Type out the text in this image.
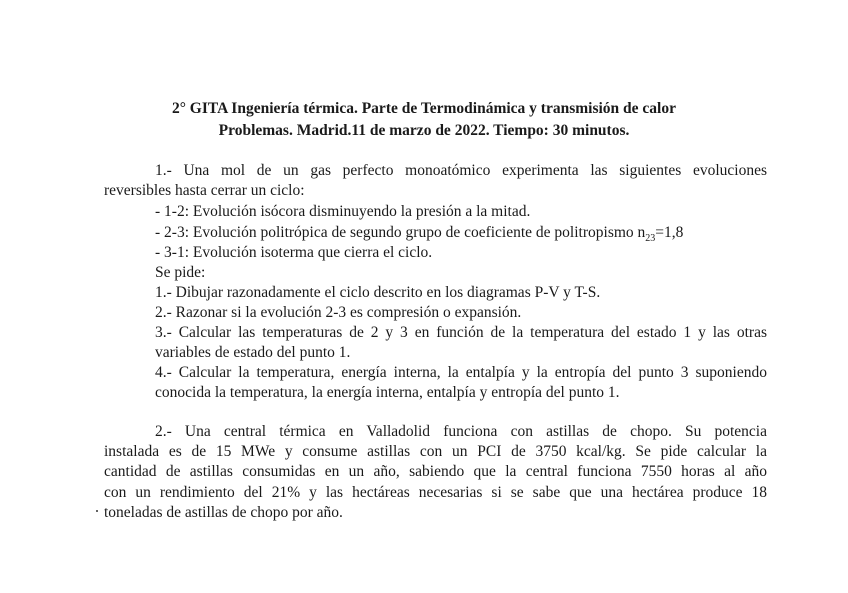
2° GITA Ingeniería térmica. Parte de Termodinámica y transmisión de calor
Problemas. Madrid.11 de marzo de 2022. Tiempo: 30 minutos.
1.- Una mol de un gas perfecto monoatómico experimenta las siguientes evoluciones
reversibles hasta cerrar un ciclo:
- 1-2: Evolución isócora disminuyendo la presión a la mitad.
- 2-3: Evolución politrópica de segundo grupo de coeficiente de politropismo $n_{23}=1,8$
- 3-1: Evolución isoterma que cierra el ciclo.
Se pide:
1.- Dibujar razonadamente el ciclo descrito en los diagramas P-V y T-S.
2.- Razonar si la evolución 2-3 es compresión o expansión.
3.- Calcular las temperaturas de 2 y 3 en función de la temperatura del estado 1 y las otras
variables de estado del punto 1.
4.- Calcular la temperatura, energía interna, la entalpía y la entropía del punto 3 suponiendo
conocida la temperatura, la energía interna, entalpía y entropía del punto 1.
2.- Una central térmica en Valladolid funciona con astillas de chopo. Su potencia
instalada es de 15 MWe y consume astillas con un PCI de 3750 kcal/kg. Se pide calcular la
cantidad de astillas consumidas en un año, sabiendo que la central funciona 7550 horas al año
con un rendimiento del 21% y las hectáreas necesarias si se sabe que una hectárea produce 18
toneladas de astillas de chopo por año.
